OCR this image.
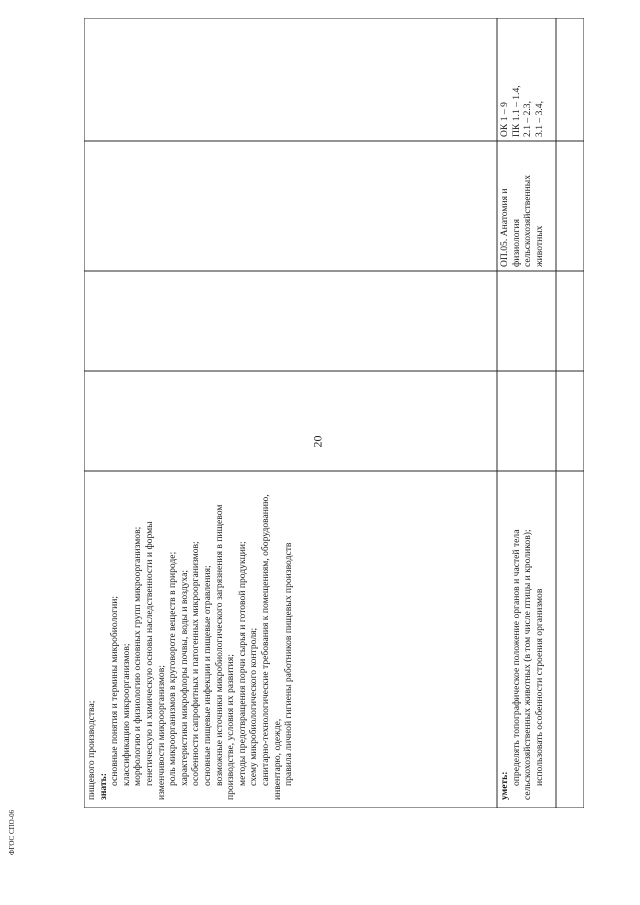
20
ФГОС СПО-06

пищевого производства; знать:

основные понятия и термины микробиологии; классификацию микроорганизмов; морфологию и физиологию основных групп микроорганизмов; генетическую и химическую основы наследственности и формы изменчивости микроорганизмов; роль микроорганизмов в круговороте веществ в природе; характеристики микрофлоры почвы, воды и воздуха; особенности сапрофитных и патогенных микроорганизмов; основные пищевые инфекции и пищевые отравления; возможные источники микробиологического загрязнения в пищевом производстве, условия их развития; методы предотвращения порчи сырья и готовой продукции; схему микробиологического контроля; санитарно-технологические требования к помещениям, оборудованию, инвентарю, одежде, правила личной гигиены работников пищевых производств	уметь: определять топографическое положение органов и частей тела сельскохозяйственных животных (в том числе птицы и кроликов); использовать особенности строения организмов

ОП.05. Анатомия и физиология сельскохозяйственных животных

ОК 1 – 9 ПК 1.1 – 1.4, 2.1 – 2.3, 3.1 – 3.4,
